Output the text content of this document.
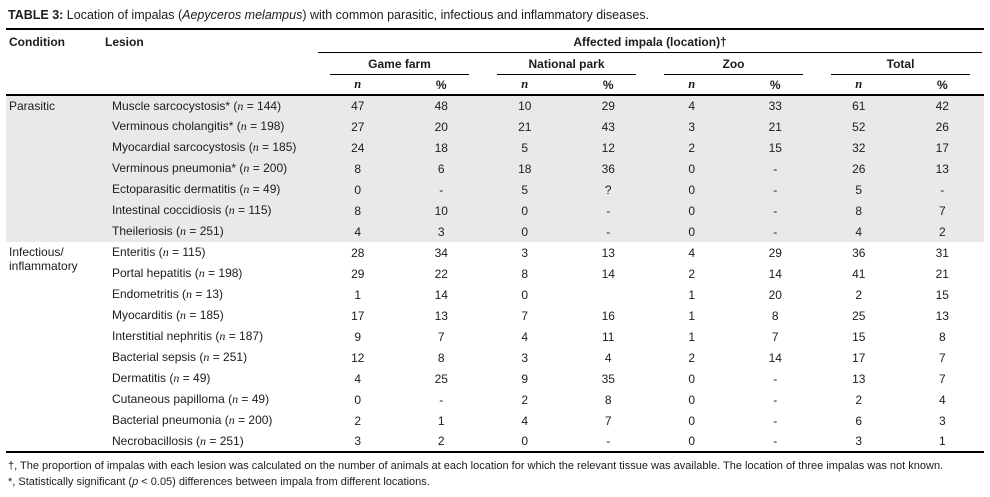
TABLE 3: Location of impalas (Aepyceros melampus) with common parasitic, infectious and inflammatory diseases.
Condition	Lesion	Affected impala (location)†							

		Game farm		National park		Zoo		Total	

		n	%	n	%	n	%	n	%
Parasitic	Muscle sarcocystosis* (n = 144)	47	48	10	29	4	33	61	42
	Verminous cholangitis* (n = 198)	27	20	21	43	3	21	52	26
	Myocardial sarcocystosis (n = 185)	24	18	5	12	2	15	32	17
	Verminous pneumonia* (n = 200)	8	6	18	36	0	-	26	13
	Ectoparasitic dermatitis (n = 49)	0	-	5	?	0	-	5	-
	Intestinal coccidiosis (n = 115)	8	10	0	-	0	-	8	7
	Theileriosis (n = 251)	4	3	0	-	0	-	4	2
Infectious/
inflammatory	Enteritis (n = 115)	28	34	3	13	4	29	36	31
	Portal hepatitis (n = 198)	29	22	8	14	2	14	41	21
	Endometritis (n = 13)	1	14	0		1	20	2	15
	Myocarditis (n = 185)	17	13	7	16	1	8	25	13
	Interstitial nephritis (n = 187)	9	7	4	11	1	7	15	8
	Bacterial sepsis (n = 251)	12	8	3	4	2	14	17	7
	Dermatitis (n = 49)	4	25	9	35	0	-	13	7
	Cutaneous papilloma (n = 49)	0	-	2	8	0	-	2	4
	Bacterial pneumonia (n = 200)	2	1	4	7	0	-	6	3
	Necrobacillosis (n = 251)	3	2	0	-	0	-	3	1
†, The proportion of impalas with each lesion was calculated on the number of animals at each location for which the relevant tissue was available. The location of three impalas was not known.
*, Statistically significant (p < 0.05) differences between impala from different locations.
